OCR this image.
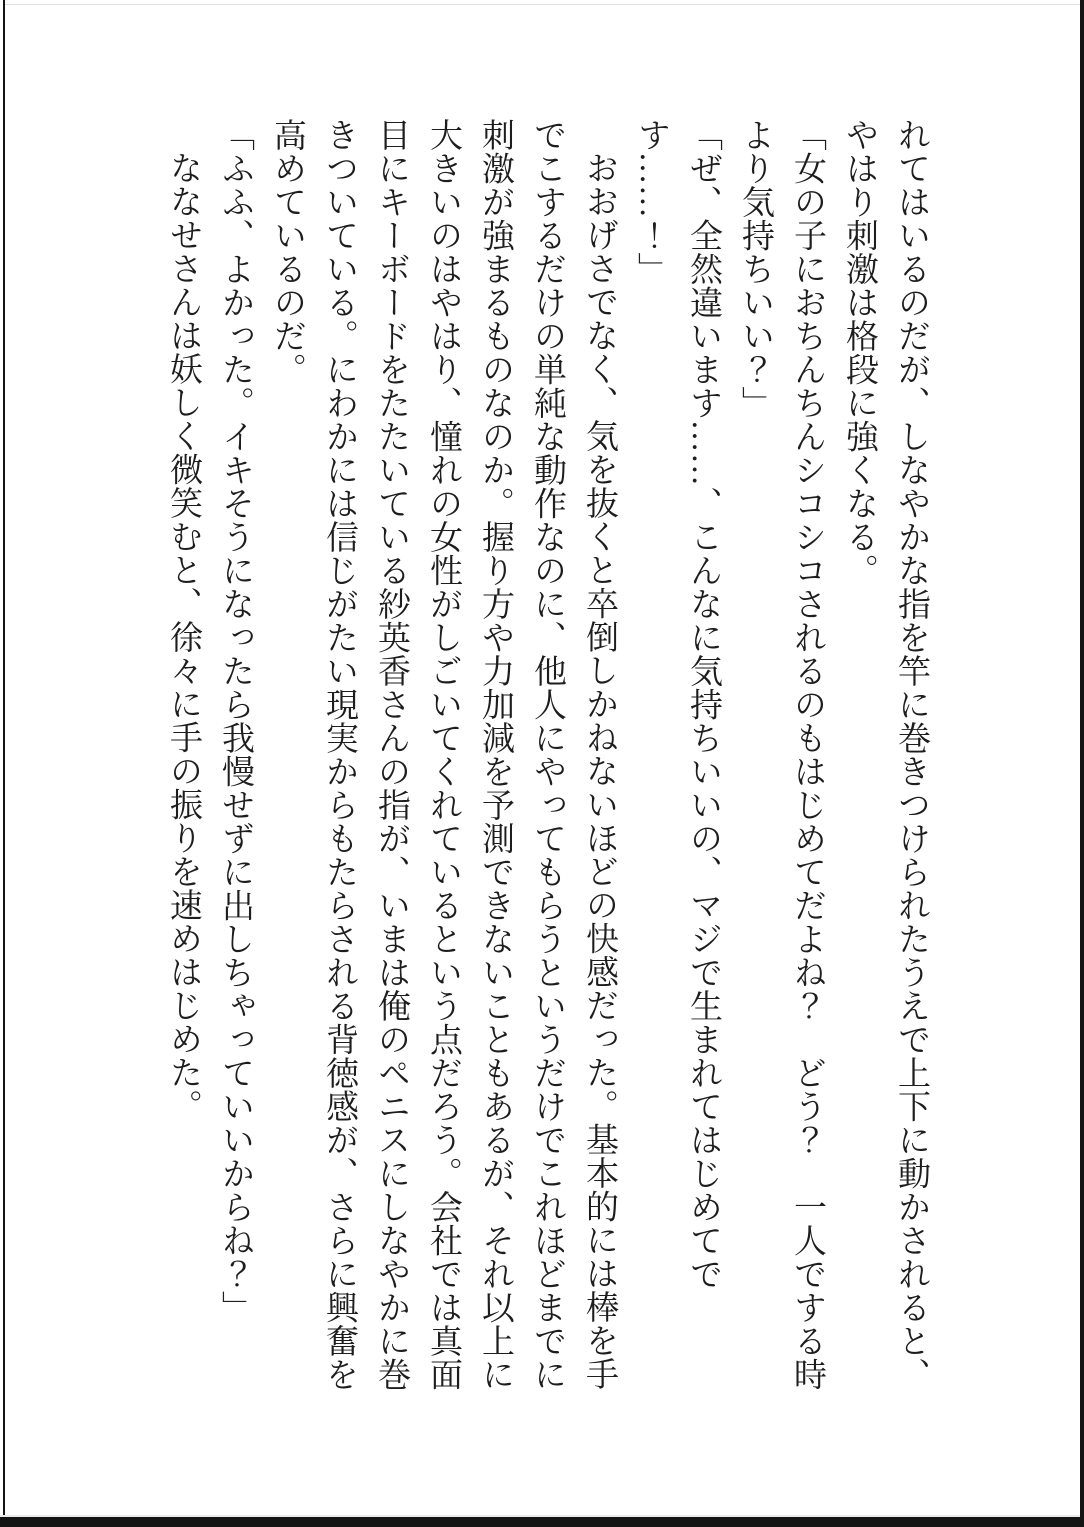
れてはいるのだが、しなやかな指を竿に巻きつけられたうえで上下に動かされると、やはり刺激は格段に強くなる。

「女の子におちんちんシコシコされるのもはじめてだよね？　どう？　一人でする時より気持ちいい？」

「ぜ、全然違います……、こんなに気持ちいいの、マジで生まれてはじめてです……！」

おおげさでなく、気を抜くと卒倒しかねないほどの快感だった。基本的には棒を手でこするだけの単純な動作なのに、他人にやってもらうというだけでこれほどまでに刺激が強まるものなのか。握り方や力加減を予測できないこともあるが、それ以上に大きいのはやはり、憧れの女性がしごいてくれているという点だろう。会社では真面目にキーボードをたたいている紗英香さんの指が、いまは俺のペニスにしなやかに巻きついている。にわかには信じがたい現実からもたらされる背徳感が、さらに興奮を高めているのだ。

「ふふ、よかった。イキそうになったら我慢せずに出しちゃっていいからね？」

ななせさんは妖しく微笑むと、徐々に手の振りを速めはじめた。
